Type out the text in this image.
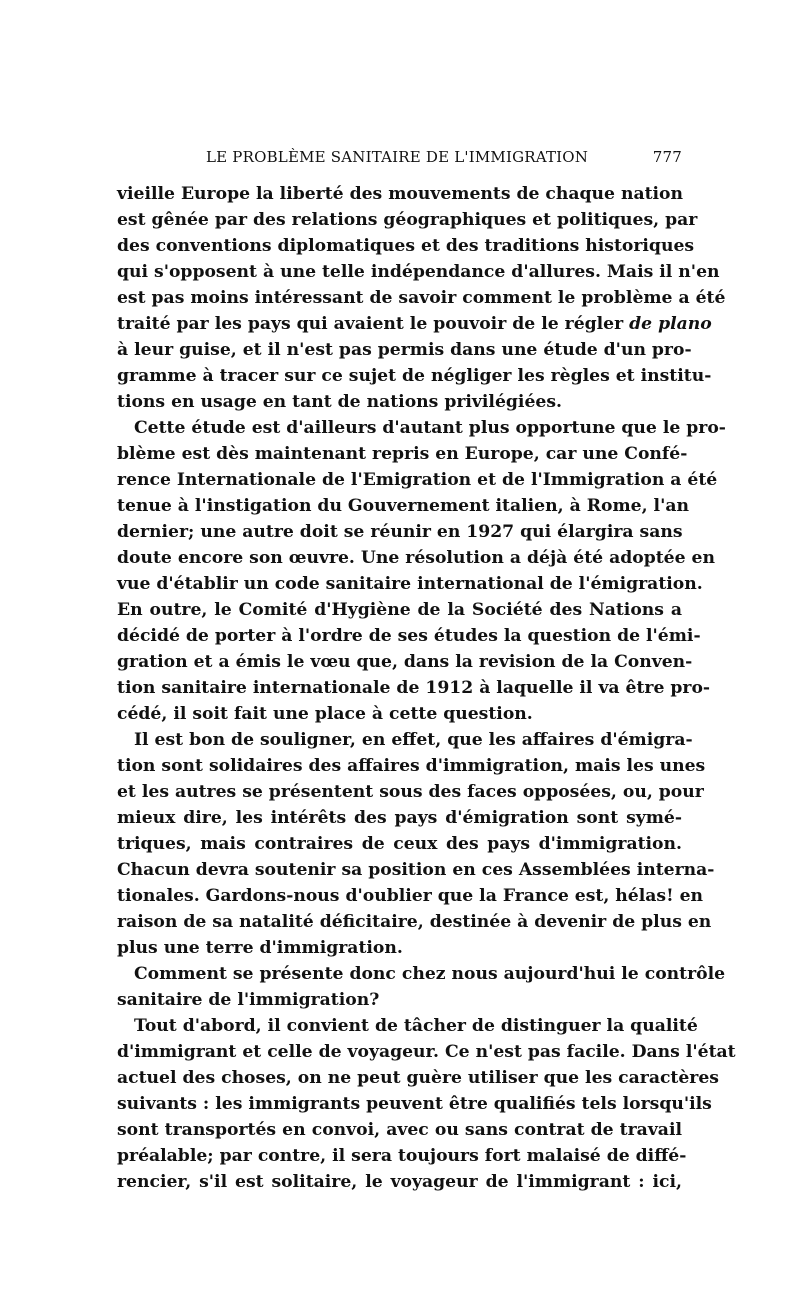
LE PROBLÈME SANITAIRE DE L'IMMIGRATION	777
vieille Europe la liberté des mouvements de chaque nation
est gênée par des relations géographiques et politiques, par
des conventions diplomatiques et des traditions historiques
qui s'opposent à une telle indépendance d'allures. Mais il n'en
est pas moins intéressant de savoir comment le problème a été
traité par les pays qui avaient le pouvoir de le régler de plano
à leur guise, et il n'est pas permis dans une étude d'un pro-
gramme à tracer sur ce sujet de négliger les règles et institu-
tions en usage en tant de nations privilégiées.
Cette étude est d'ailleurs d'autant plus opportune que le pro-
blème est dès maintenant repris en Europe, car une Confé-
rence Internationale de l'Emigration et de l'Immigration a été
tenue à l'instigation du Gouvernement italien, à Rome, l'an
dernier; une autre doit se réunir en 1927 qui élargira sans
doute encore son œuvre. Une résolution a déjà été adoptée en
vue d'établir un code sanitaire international de l'émigration.
En outre, le Comité d'Hygiène de la Société des Nations a
décidé de porter à l'ordre de ses études la question de l'émi-
gration et a émis le vœu que, dans la revision de la Conven-
tion sanitaire internationale de 1912 à laquelle il va être pro-
cédé, il soit fait une place à cette question.
Il est bon de souligner, en effet, que les affaires d'émigra-
tion sont solidaires des affaires d'immigration, mais les unes
et les autres se présentent sous des faces opposées, ou, pour
mieux dire, les intérêts des pays d'émigration sont symé-
triques, mais contraires de ceux des pays d'immigration.
Chacun devra soutenir sa position en ces Assemblées interna-
tionales. Gardons-nous d'oublier que la France est, hélas! en
raison de sa natalité déficitaire, destinée à devenir de plus en
plus une terre d'immigration.
Comment se présente donc chez nous aujourd'hui le contrôle
sanitaire de l'immigration?
Tout d'abord, il convient de tâcher de distinguer la qualité
d'immigrant et celle de voyageur. Ce n'est pas facile. Dans l'état
actuel des choses, on ne peut guère utiliser que les caractères
suivants : les immigrants peuvent être qualifiés tels lorsqu'ils
sont transportés en convoi, avec ou sans contrat de travail
préalable; par contre, il sera toujours fort malaisé de diffé-
rencier, s'il est solitaire, le voyageur de l'immigrant : ici,
